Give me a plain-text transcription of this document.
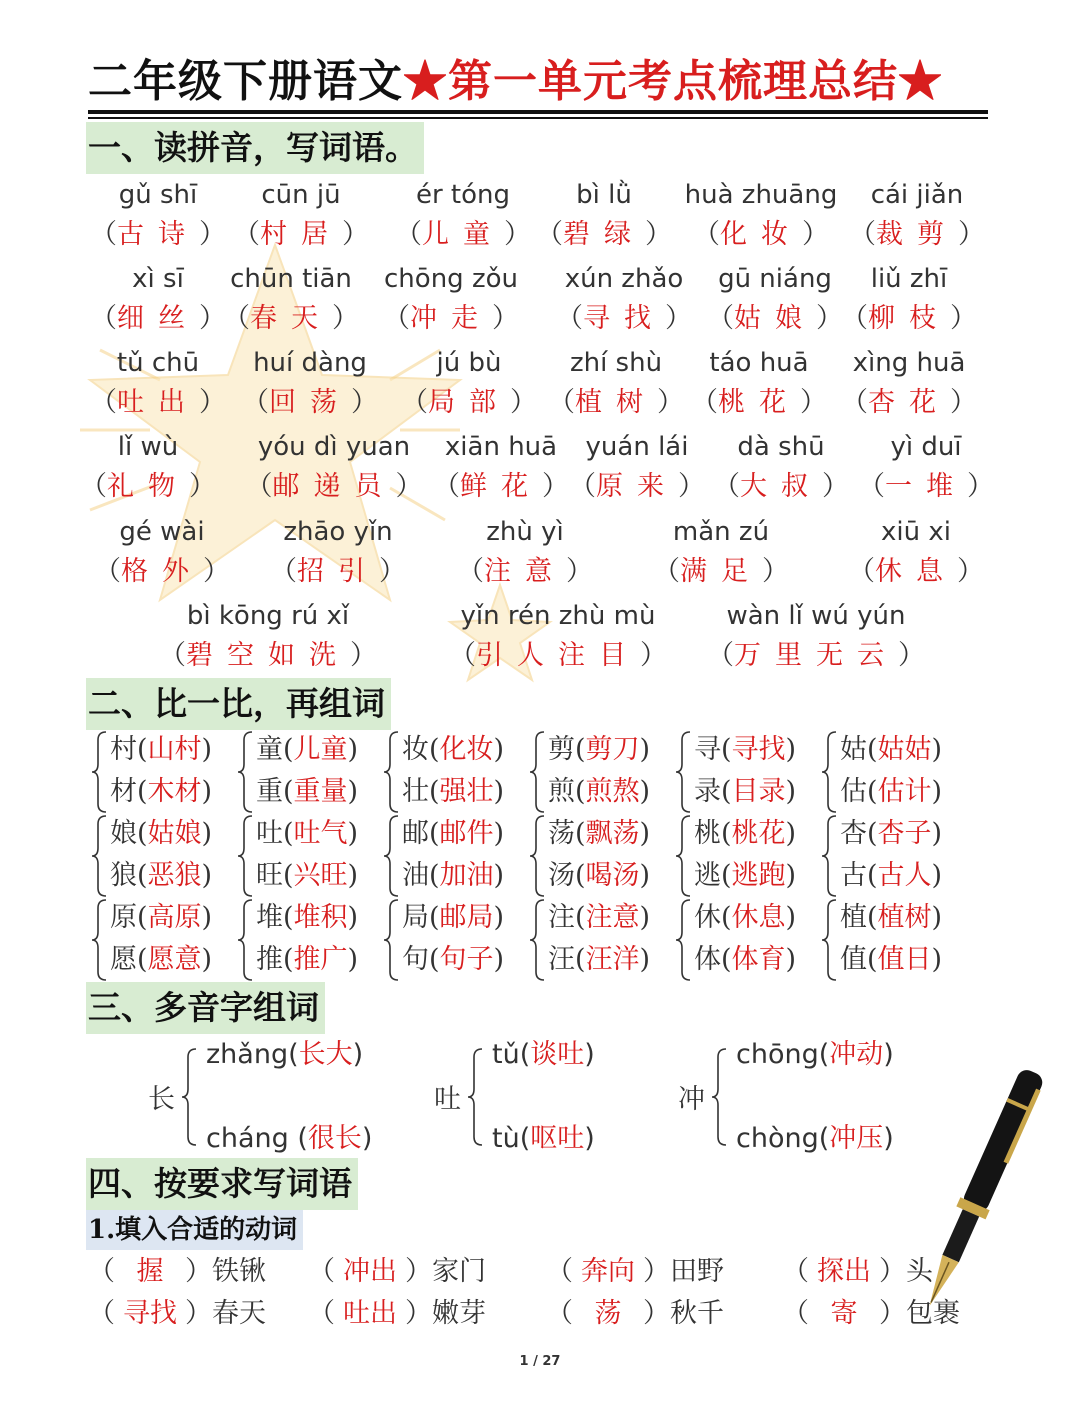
二年级下册语文★第一单元考点梳理总结★
一、读拼音，写词语。
二、比一比，再组词
三、多音字组词
四、按要求写词语
1.填入合适的动词
gǔ shī
（古诗）
cūn jū
（村居）
ér tóng
（儿童）
bì lǜ
（碧绿）
huà zhuāng
（化妆）
cái jiǎn
（裁剪）
xì sī
（细丝）
chūn tiān
（春天）
chōng zǒu
（冲走）
xún zhǎo
（寻找）
gū niáng
（姑娘）
liǔ zhī
（柳枝）
tǔ chū
（吐出）
huí dàng
（回荡）
jú bù
（局部）
zhí shù
（植树）
táo huā
（桃花）
xìng huā
（杏花）
lǐ wù
（礼物）
yóu dì yuan
（邮递员）
xiān huā
（鲜花）
yuán lái
（原来）
dà shū
（大叔）
yì duī
（一堆）
gé wài
（格外）
zhāo yǐn
（招引）
zhù yì
（注意）
mǎn zú
（满足）
xiū xi
（休息）
bì kōng rú xǐ
（碧空如洗）
yǐn rén zhù mù
（引人注目）
wàn lǐ wú yún
（万里无云）
村(山村)
材(木材)
童(儿童)
重(重量)
妆(化妆)
壮(强壮)
剪(剪刀)
煎(煎熬)
寻(寻找)
录(目录)
姑(姑姑)
估(估计)
娘(姑娘)
狼(恶狼)
吐(吐气)
旺(兴旺)
邮(邮件)
油(加油)
荡(飘荡)
汤(喝汤)
桃(桃花)
逃(逃跑)
杏(杏子)
古(古人)
原(高原)
愿(愿意)
堆(堆积)
推(推广)
局(邮局)
句(句子)
注(注意)
汪(汪洋)
休(休息)
体(体育)
植(植树)
值(值日)
长
zhǎng(长大)
cháng (很长)
吐
tǔ(谈吐)
tù(呕吐)
冲
chōng(冲动)
chòng(冲压)
（ 握 ）铁锹 （ 冲出 ）家门 （ 奔向 ）田野 （ 探出 ）头
（ 寻找 ）春天 （ 吐出 ）嫩芽 （ 荡 ）秋千 （ 寄 ）包裹
1 / 27
